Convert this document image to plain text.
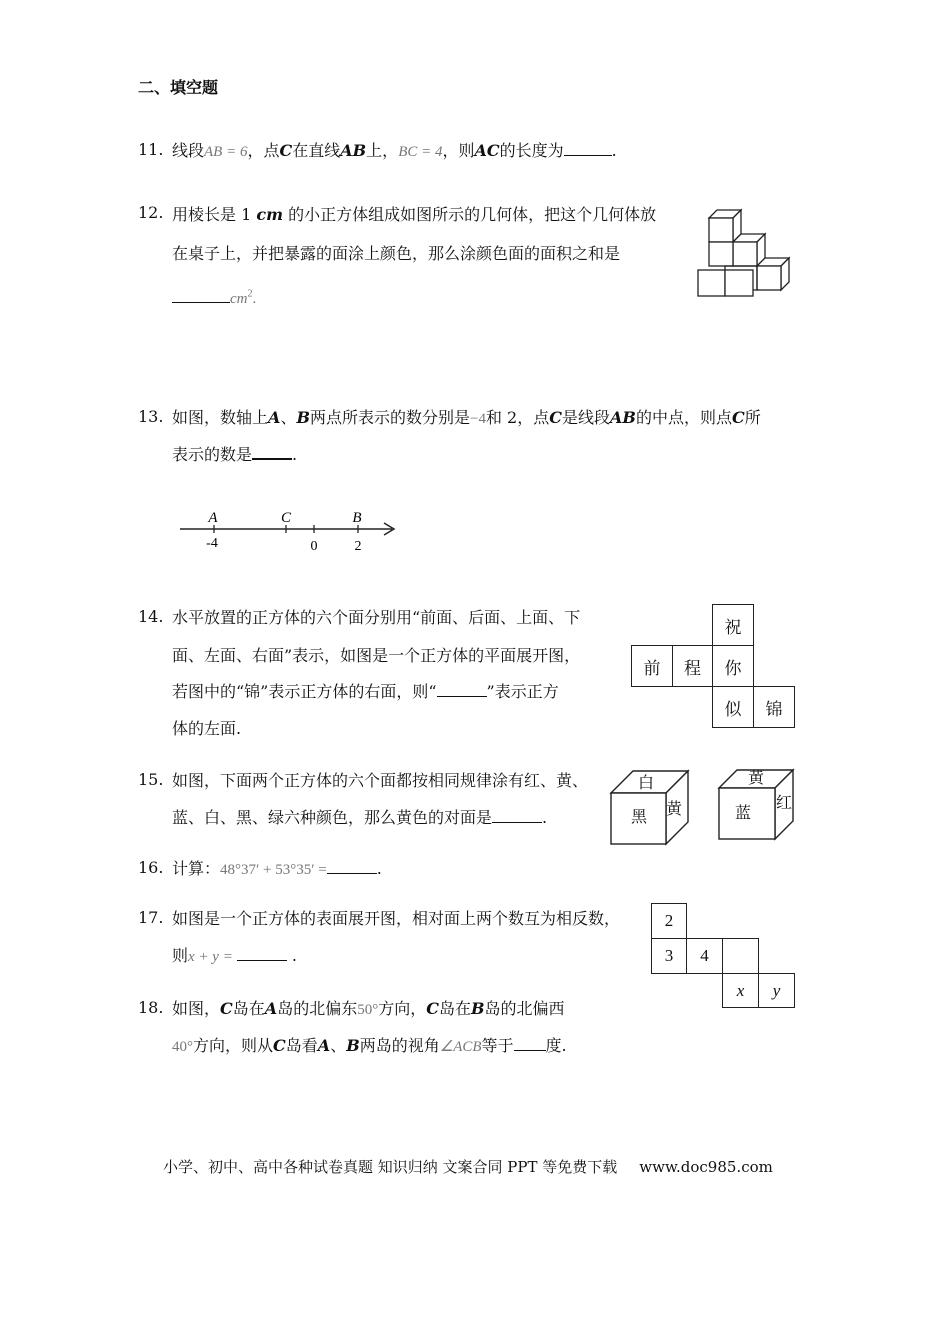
二、填空题
11. 线段AB = 6，点C在直线AB上，BC = 4，则AC的长度为	.
12. 用棱长是 1 cm 的小正方体组成如图所示的几何体，把这个几何体放
在桌子上，并把暴露的面涂上颜色，那么涂颜色面的面积之和是
$cm^2$.
13. 如图，数轴上A、B两点所表示的数分别是−4和 2，点C是线段AB的中点，则点C所
表示的数是	.
A	C	B
-4	0	2
14. 水平放置的正方体的六个面分别用“前面、后面、上面、下
面、左面、右面”表示，如图是一个正方体的平面展开图，
若图中的“锦”表示正方体的右面，则“	”表示正方
体的左面.
祝
前	程	你
似	锦
15. 如图，下面两个正方体的六个面都按相同规律涂有红、黄、
蓝、白、黑、绿六种颜色，那么黄色的对面是	.
白
黑 黄
黄
蓝
红
16. 计算：48°37′ + 53°35′ =	.
17. 如图是一个正方体的表面展开图，相对面上两个数互为相反数，
则x + y =	.
2
3	4
x	y
18. 如图，C岛在A岛的北偏东50°方向，C岛在B岛的北偏西
40°方向，则从C岛看A、B两岛的视角∠ACB等于 度.
小学、初中、高中各种试卷真题 知识归纳 文案合同 PPT 等免费下载 www.doc985.com
